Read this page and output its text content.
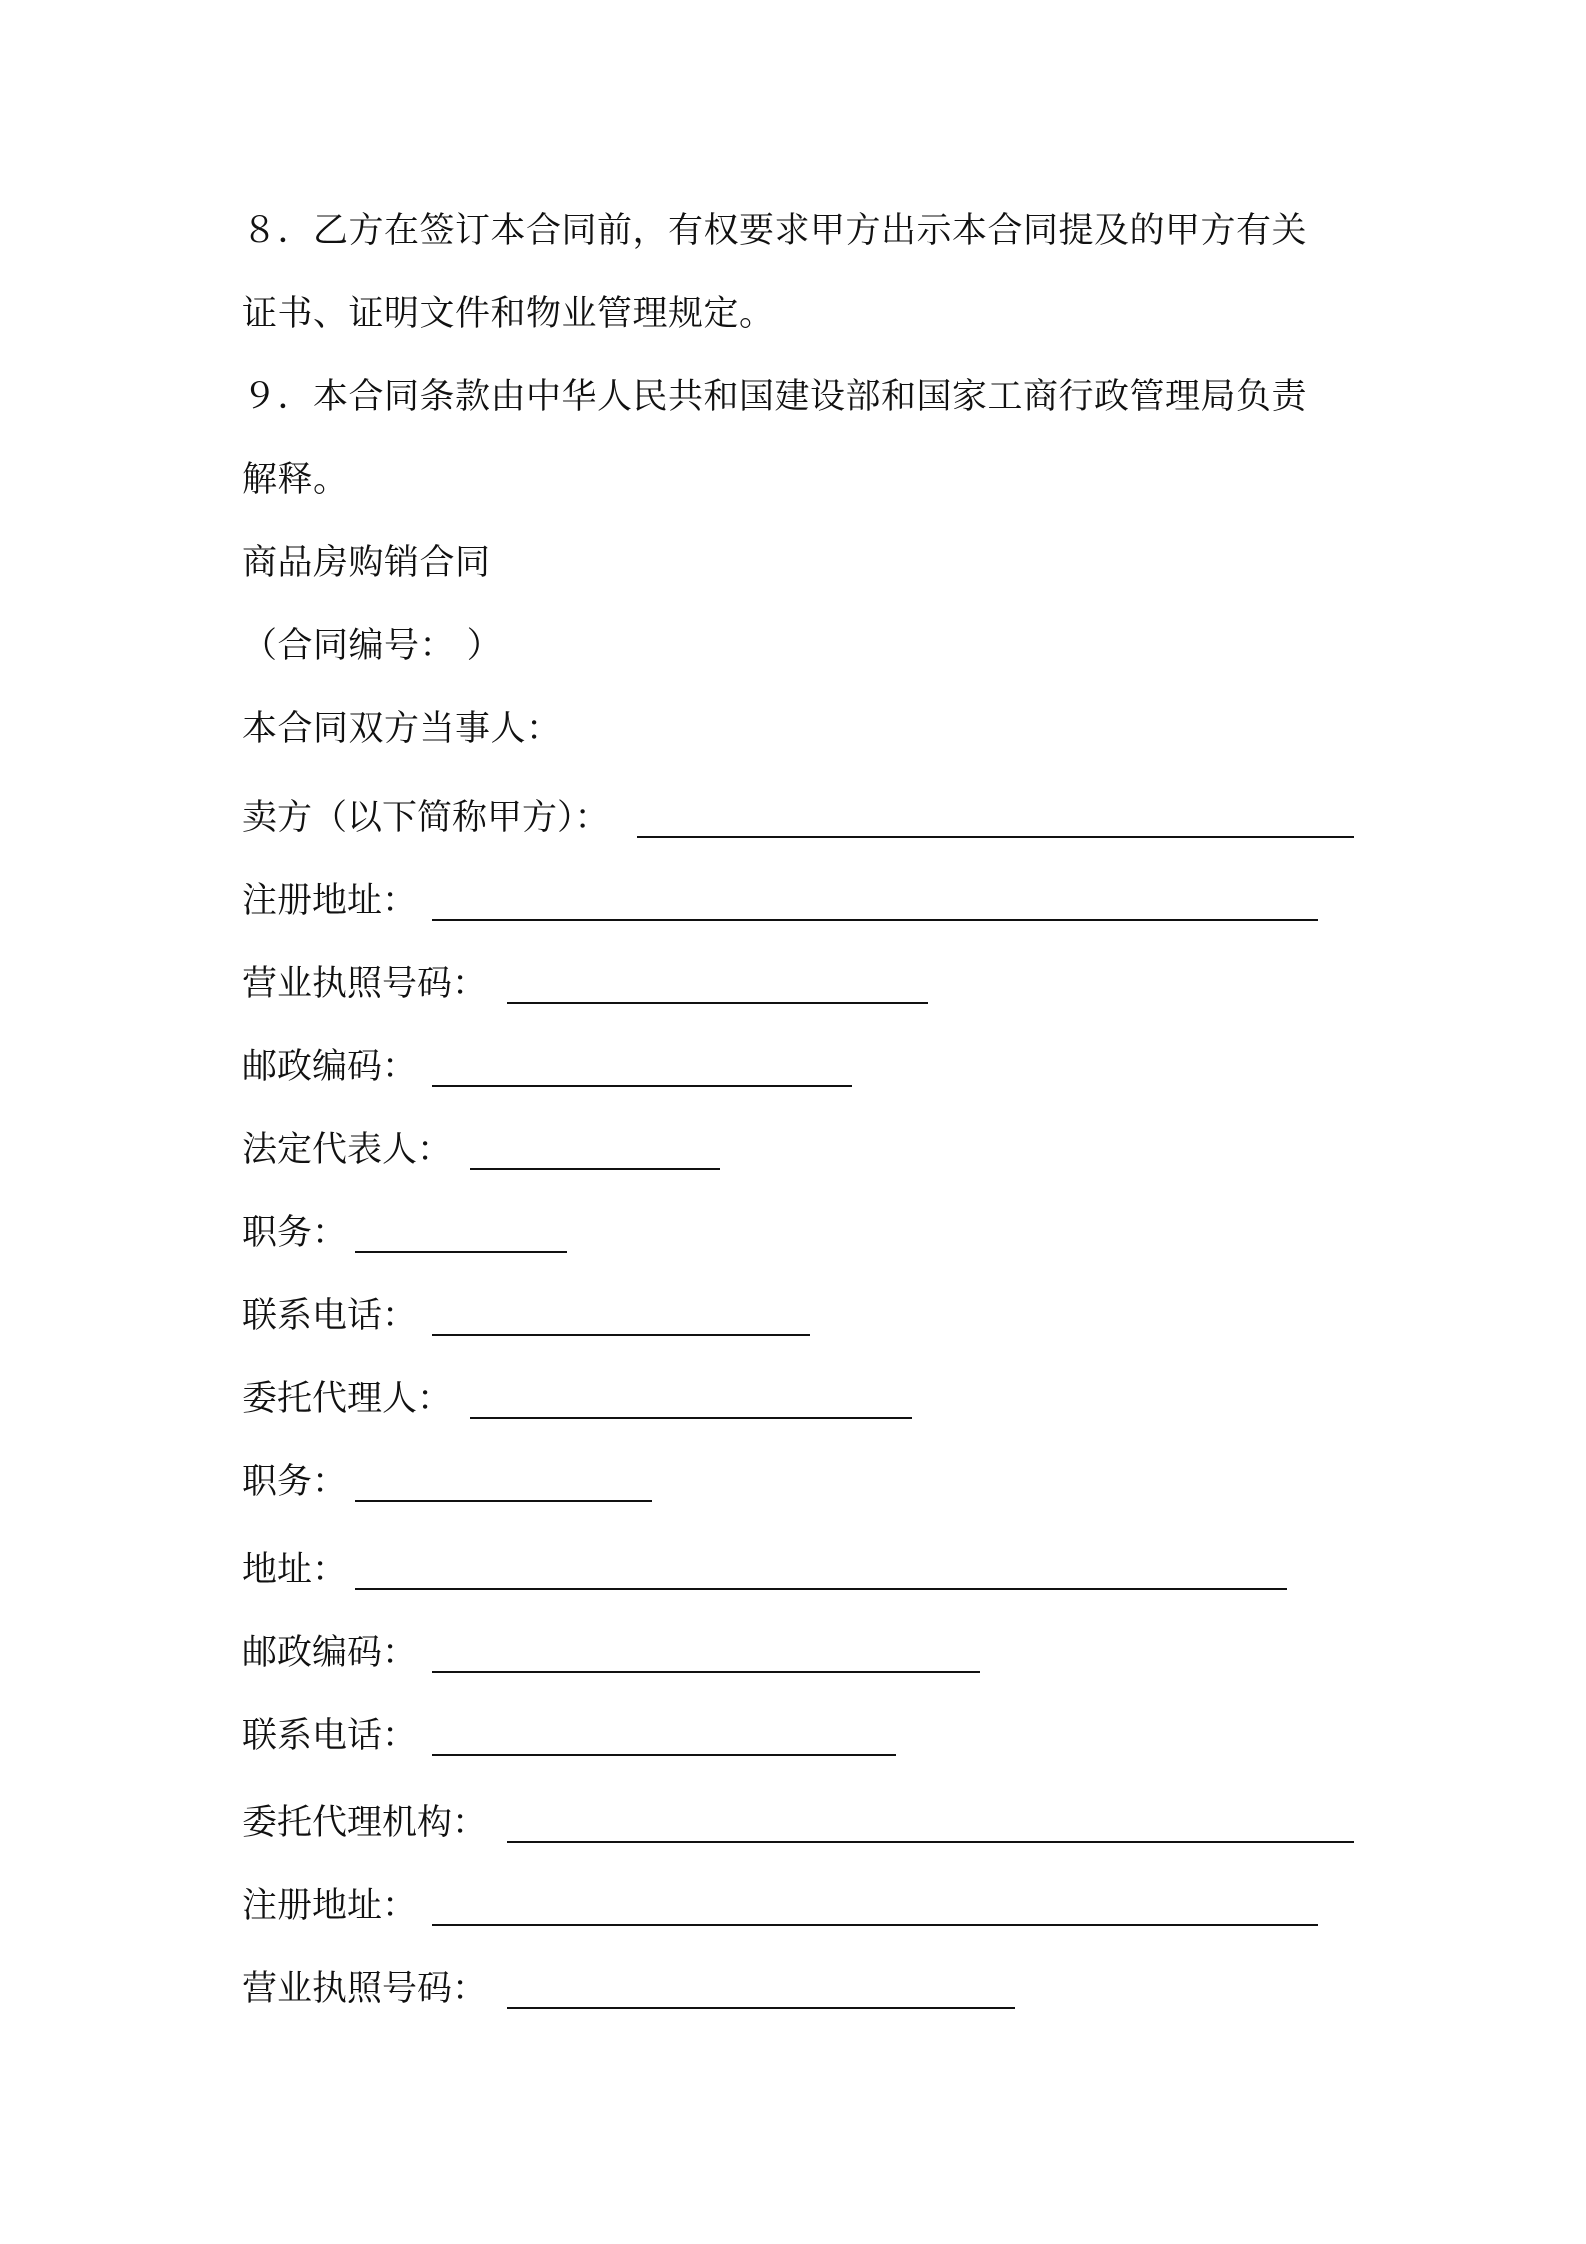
８．乙方在签订本合同前，有权要求甲方出示本合同提及的甲方有关
证书、证明文件和物业管理规定。
９．本合同条款由中华人民共和国建设部和国家工商行政管理局负责
解释。
商品房购销合同
（合同编号： ）
本合同双方当事人：
卖方（以下简称甲方）：
注册地址：
营业执照号码：
邮政编码：
法定代表人：
职务：
联系电话：
委托代理人：
职务：
地址：
邮政编码：
联系电话：
委托代理机构：
注册地址：
营业执照号码：
